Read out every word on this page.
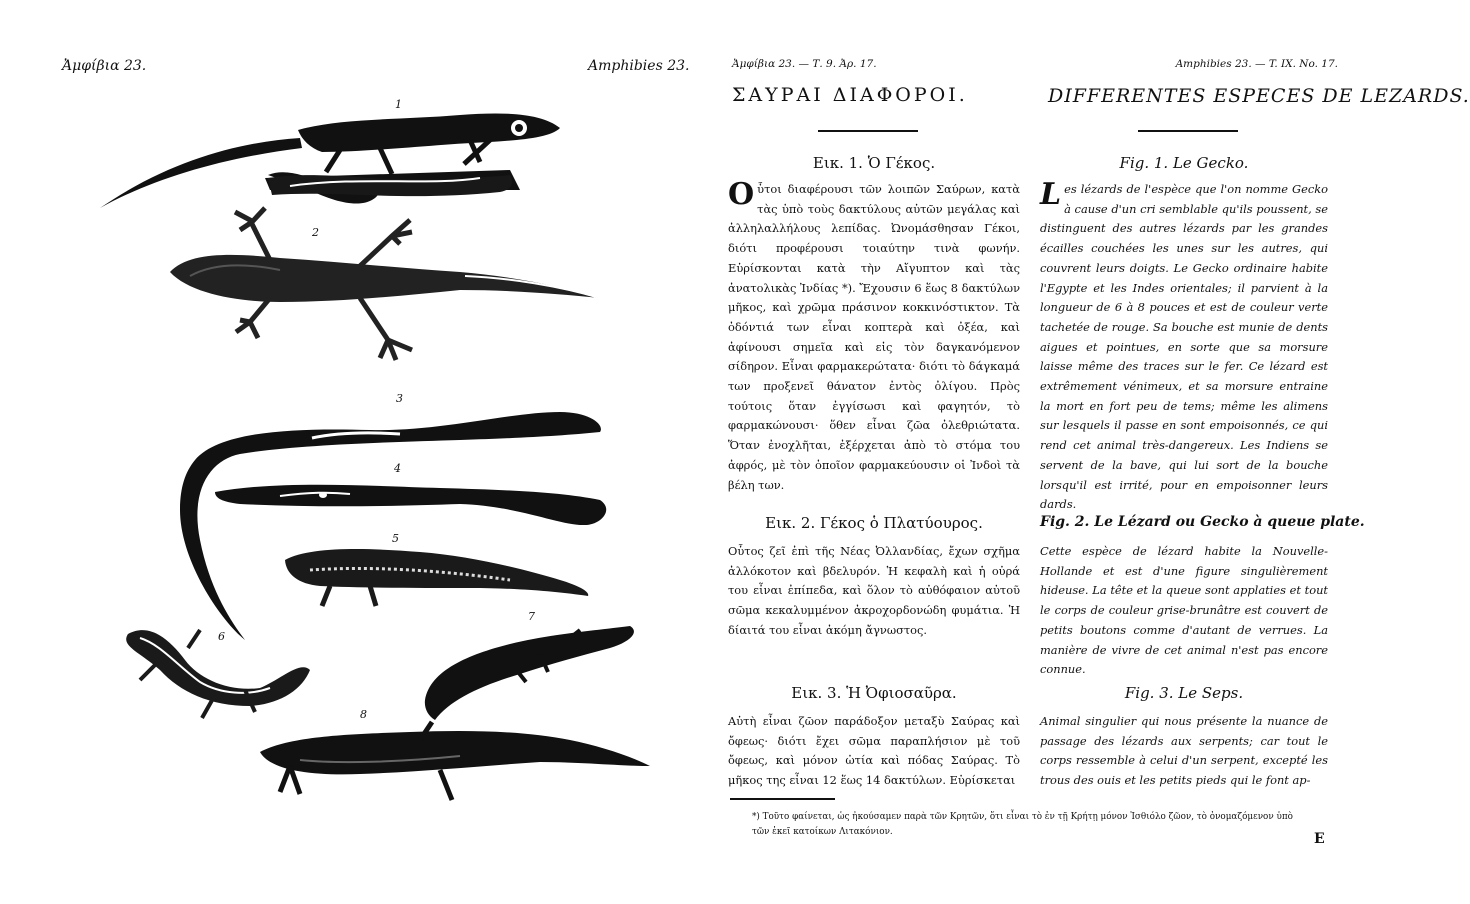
Ἀμφίβια 23.	Amphibies 23.
1
2
3
4
5
6
7
8
Ἀμφίβια 23. — Τ. 9. Ἀρ. 17.	Amphibies 23. — T. IX. No. 17.
ΣΑΥΡΑΙ ΔΙΑΦΟΡΟΙ.	DIFFERENTES ESPECES DE LEZARDS.
Εικ. 1. Ὁ Γέκος.	Fig. 1. Le Gecko.
Οὗτοι διαφέρουσι τῶν λοιπῶν Σαύρων, κατὰ τὰς ὑπὸ τοὺς δακτύλους αὐτῶν μεγάλας καὶ ἀλληλαλλήλους λεπίδας. Ὠνομάσθησαν Γέκοι, διότι προφέρουσι τοιαύτην τινὰ φωνήν. Εὑρίσκονται κατὰ τὴν Αἴγυπτον καὶ τὰς ἀνατολικὰς Ἰνδίας *). Ἔχουσιν 6 ἕως 8 δακτύλων μῆκος, καὶ χρῶμα πράσινον κοκκινόστικτον. Τὰ ὀδόντιά των εἶναι κοπτερὰ καὶ ὀξέα, καὶ ἀφίνουσι σημεῖα καὶ εἰς τὸν δαγκανόμενον σίδηρον. Εἶναι φαρμακερώτατα· διότι τὸ δάγκαμά των προξενεῖ θάνατον ἐντὸς ὀλίγου. Πρὸς τούτοις ὅταν ἐγγίσωσι καὶ φαγητόν, τὸ φαρμακώνουσι· ὅθεν εἶναι ζῶα ὀλεθριώτατα. Ὅταν ἐνοχλῆται, ἐξέρχεται ἀπὸ τὸ στόμα του ἀφρός, μὲ τὸν ὁποῖον φαρμακεύουσιν οἱ Ἰνδοὶ τὰ βέλη των.
Les lézards de l'espèce que l'on nomme Gecko à cause d'un cri semblable qu'ils poussent, se distinguent des autres lézards par les grandes écailles couchées les unes sur les autres, qui couvrent leurs doigts. Le Gecko ordinaire habite l'Egypte et les Indes orientales; il parvient à la longueur de 6 à 8 pouces et est de couleur verte tachetée de rouge. Sa bouche est munie de dents aigues et pointues, en sorte que sa morsure laisse même des traces sur le fer. Ce lézard est extrêmement vénimeux, et sa morsure entraine la mort en fort peu de tems; même les alimens sur lesquels il passe en sont empoisonnés, ce qui rend cet animal très-dangereux. Les Indiens se servent de la bave, qui lui sort de la bouche lorsqu'il est irrité, pour en empoisonner leurs dards.
Εικ. 2. Γέκος ὁ Πλατύουρος.	Fig. 2. Le Lézard ou Gecko à queue plate.
Οὗτος ζεῖ ἐπὶ τῆς Νέας Ὀλλανδίας, ἔχων σχῆμα ἀλλόκοτον καὶ βδελυρόν. Ἡ κεφαλὴ καὶ ἡ οὐρά του εἶναι ἐπίπεδα, καὶ ὅλον τὸ αὐθόφαιον αὐτοῦ σῶμα κεκαλυμμένον ἀκροχορδονώδη φυμάτια. Ἡ δίαιτά του εἶναι ἀκόμη ἄγνωστος.
Cette espèce de lézard habite la Nouvelle-Hollande et est d'une figure singulièrement hideuse. La tête et la queue sont applaties et tout le corps de couleur grise-brunâtre est couvert de petits boutons comme d'autant de verrues. La manière de vivre de cet animal n'est pas encore connue.
Εικ. 3. Ἡ Ὀφιοσαῦρα.	Fig. 3. Le Seps.
Αὐτὴ εἶναι ζῶον παράδοξον μεταξὺ Σαύρας καὶ ὄφεως· διότι ἔχει σῶμα παραπλήσιον μὲ τοῦ ὄφεως, καὶ μόνον ὠτία καὶ πόδας Σαύρας. Τὸ μῆκος της εἶναι 12 ἕως 14 δακτύλων. Εὑρίσκεται
Animal singulier qui nous présente la nuance de passage des lézards aux serpents; car tout le corps ressemble à celui d'un serpent, excepté les trous des ouis et les petits pieds qui le font ap-
*) Τοῦτο φαίνεται, ὡς ἠκούσαμεν παρὰ τῶν Κρητῶν, ὅτι εἶναι τὸ ἐν τῇ Κρήτῃ μόνον Ἰσθιόλο ζῶον, τὸ ὀνομαζόμενον ὑπὸ τῶν ἐκεῖ κατοίκων Λιτακόνιον.	E
